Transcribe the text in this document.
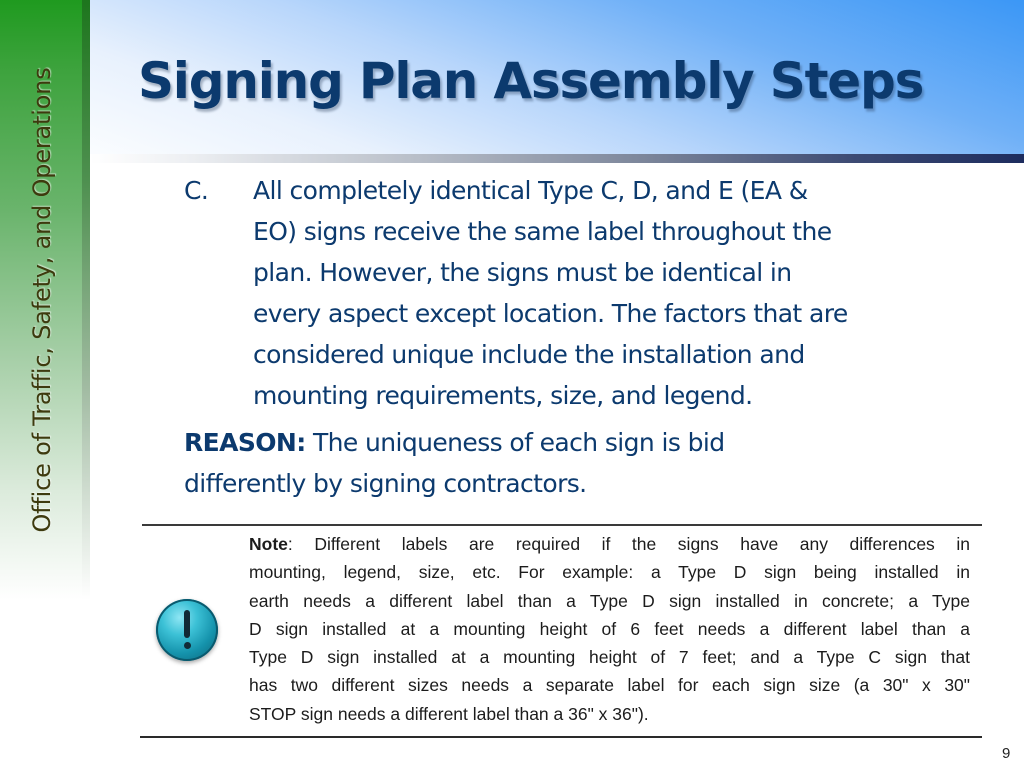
Office of Traffic, Safety, and Operations Signing Plan Assembly Steps
C. All completely identical Type C, D, and E (EA &
EO) signs receive the same label throughout the
plan. However, the signs must be identical in
every aspect except location. The factors that are
considered unique include the installation and
mounting requirements, size, and legend.
REASON: The uniqueness of each sign is bid
differently by signing contractors.
Note: Different labels are required if the signs have any differences in
mounting, legend, size, etc. For example: a Type D sign being installed in
earth needs a different label than a Type D sign installed in concrete; a Type
D sign installed at a mounting height of 6 feet needs a different label than a
Type D sign installed at a mounting height of 7 feet; and a Type C sign that
has two different sizes needs a separate label for each sign size (a 30" x 30"
STOP sign needs a different label than a 36" x 36").
9
